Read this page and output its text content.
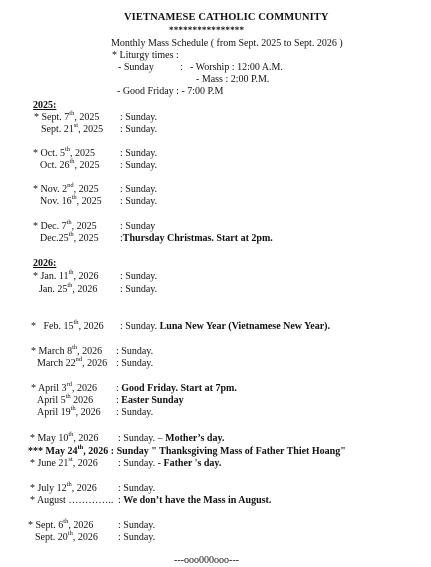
VIETNAMESE CATHOLIC COMMUNITY
****************
Monthly Mass Schedule ( from Sept. 2025 to Sept. 2026 )
* Liturgy times :
- Sunday	: - Worship : 12:00 A.M.
- Mass : 2:00 P.M.
- Good Friday : - 7:00 P.M
2025:
* Sept. 7th, 2025 : Sunday.
Sept. 21st, 2025 : Sunday.
* Oct. 5th, 2025 : Sunday.
Oct. 26th, 2025 : Sunday.
* Nov. 2nd, 2025 : Sunday.
Nov. 16th, 2025 : Sunday.
* Dec. 7th, 2025 : Sunday
Dec.25th, 2025 :Thursday Christmas. Start at 2pm.
2026:
* Jan. 11th, 2026 : Sunday.
Jan. 25th, 2026 : Sunday.
*   Feb. 15th, 2026 : Sunday. Luna New Year (Vietnamese New Year).
* March 8th, 2026 : Sunday.
March 22nd, 2026 : Sunday.
* April 3rd, 2026 : Good Friday. Start at 7pm.
April 5th 2026 : Easter Sunday
April 19th, 2026 : Sunday.
* May 10th, 2026 : Sunday. – Mother’s day.
*** May 24th, 2026 : Sunday " Thanksgiving Mass of Father Thiet Hoang"
* June 21st, 2026 : Sunday. - Father 's day.
* July 12th, 2026 : Sunday.
* August ………….. : We don’t have the Mass in August.
* Sept. 6th, 2026 : Sunday.
Sept. 20th, 2026 : Sunday.
---ooo000ooo---
